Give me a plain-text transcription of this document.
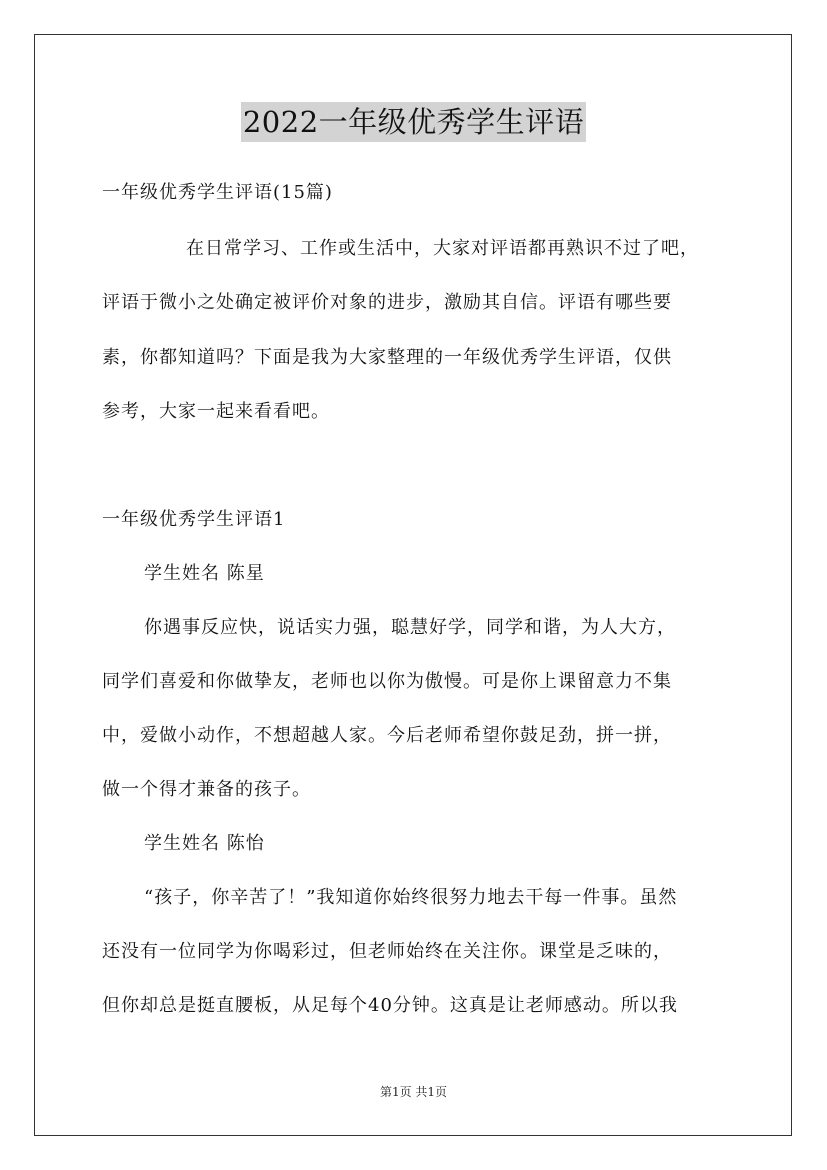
2022一年级优秀学生评语
一年级优秀学生评语(15篇)
在日常学习、工作或生活中，大家对评语都再熟识不过了吧，
评语于微小之处确定被评价对象的进步，激励其自信。评语有哪些要
素，你都知道吗？下面是我为大家整理的一年级优秀学生评语，仅供
参考，大家一起来看看吧。
一年级优秀学生评语1
学生姓名 陈星
你遇事反应快，说话实力强，聪慧好学，同学和谐，为人大方，
同学们喜爱和你做挚友，老师也以你为傲慢。可是你上课留意力不集
中，爱做小动作，不想超越人家。今后老师希望你鼓足劲，拼一拼，
做一个得才兼备的孩子。
学生姓名 陈怡
“孩子，你辛苦了！”我知道你始终很努力地去干每一件事。虽然
还没有一位同学为你喝彩过，但老师始终在关注你。课堂是乏味的，
但你却总是挺直腰板，从足每个40分钟。这真是让老师感动。所以我
第1页 共1页
